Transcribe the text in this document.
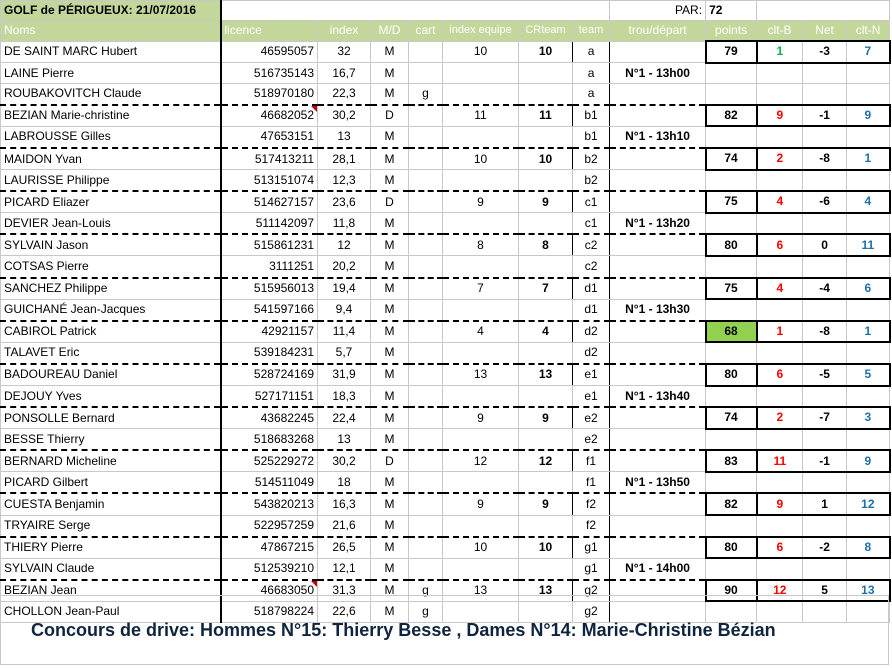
GOLF de PÉRIGUEUX: 21/07/2016								PAR:	72			
Noms	licence	index	M/D	cart	index equipe	CRteam	team	trou/départ	points	clt-B	Net	clt-N
DE SAINT MARC Hubert	46595057	32	M		10	10	a		79	1	-3	7
LAINE Pierre	516735143	16,7	M				a	N°1 - 13h00				
ROUBAKOVITCH Claude	518970180	22,3	M	g			a					
BEZIAN Marie-christine	46682052	30,2	D		11	11	b1		82	9	-1	9
LABROUSSE Gilles	47653151	13	M				b1	N°1 - 13h10				
MAIDON Yvan	517413211	28,1	M		10	10	b2		74	2	-8	1
LAURISSE Philippe	513151074	12,3	M				b2					
PICARD Eliazer	514627157	23,6	D		9	9	c1		75	4	-6	4
DEVIER Jean-Louis	511142097	11,8	M				c1	N°1 - 13h20				
SYLVAIN Jason	515861231	12	M		8	8	c2		80	6	0	11
COTSAS Pierre	3111251	20,2	M				c2					
SANCHEZ Philippe	515956013	19,4	M		7	7	d1		75	4	-4	6
GUICHANÉ Jean-Jacques	541597166	9,4	M				d1	N°1 - 13h30				
CABIROL Patrick	42921157	11,4	M		4	4	d2		68	1	-8	1
TALAVET Eric	539184231	5,7	M				d2					
BADOUREAU Daniel	528724169	31,9	M		13	13	e1		80	6	-5	5
DEJOUY Yves	527171151	18,3	M				e1	N°1 - 13h40				
PONSOLLE Bernard	43682245	22,4	M		9	9	e2		74	2	-7	3
BESSE Thierry	518683268	13	M				e2					
BERNARD Micheline	525229272	30,2	D		12	12	f1		83	11	-1	9
PICARD Gilbert	514511049	18	M				f1	N°1 - 13h50				
CUESTA Benjamin	543820213	16,3	M		9	9	f2		82	9	1	12
TRYAIRE Serge	522957259	21,6	M				f2					
THIERY Pierre	47867215	26,5	M		10	10	g1		80	6	-2	8
SYLVAIN Claude	512539210	12,1	M				g1	N°1 - 14h00				
BEZIAN Jean	46683050	31,3	M	g	13	13	g2		90	12	5	13
CHOLLON Jean-Paul	518798224	22,6	M	g			g2					
Concours de drive: Hommes N°15: Thierry Besse , Dames N°14: Marie-Christine Bézian
